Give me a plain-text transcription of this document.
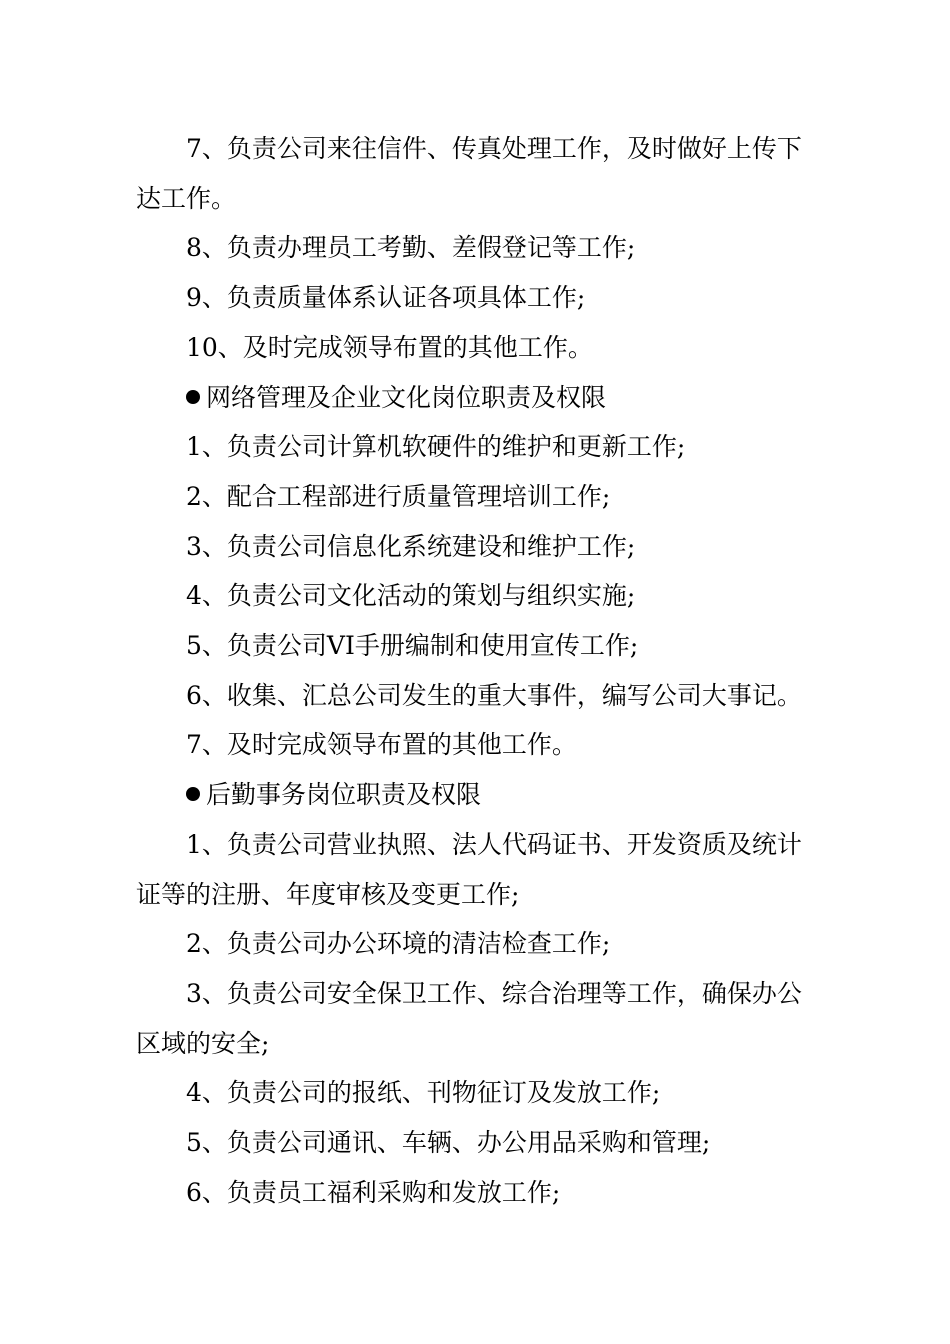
7、负责公司来往信件、传真处理工作，及时做好上传下达工作。

8、负责办理员工考勤、差假登记等工作;

9、负责质量体系认证各项具体工作;

10、及时完成领导布置的其他工作。

网络管理及企业文化岗位职责及权限

1、负责公司计算机软硬件的维护和更新工作;

2、配合工程部进行质量管理培训工作;

3、负责公司信息化系统建设和维护工作;

4、负责公司文化活动的策划与组织实施;

5、负责公司VI手册编制和使用宣传工作;

6、收集、汇总公司发生的重大事件，编写公司大事记。

7、及时完成领导布置的其他工作。

后勤事务岗位职责及权限

1、负责公司营业执照、法人代码证书、开发资质及统计证等的注册、年度审核及变更工作;

2、负责公司办公环境的清洁检查工作;

3、负责公司安全保卫工作、综合治理等工作，确保办公区域的安全;

4、负责公司的报纸、刊物征订及发放工作;

5、负责公司通讯、车辆、办公用品采购和管理;

6、负责员工福利采购和发放工作;
